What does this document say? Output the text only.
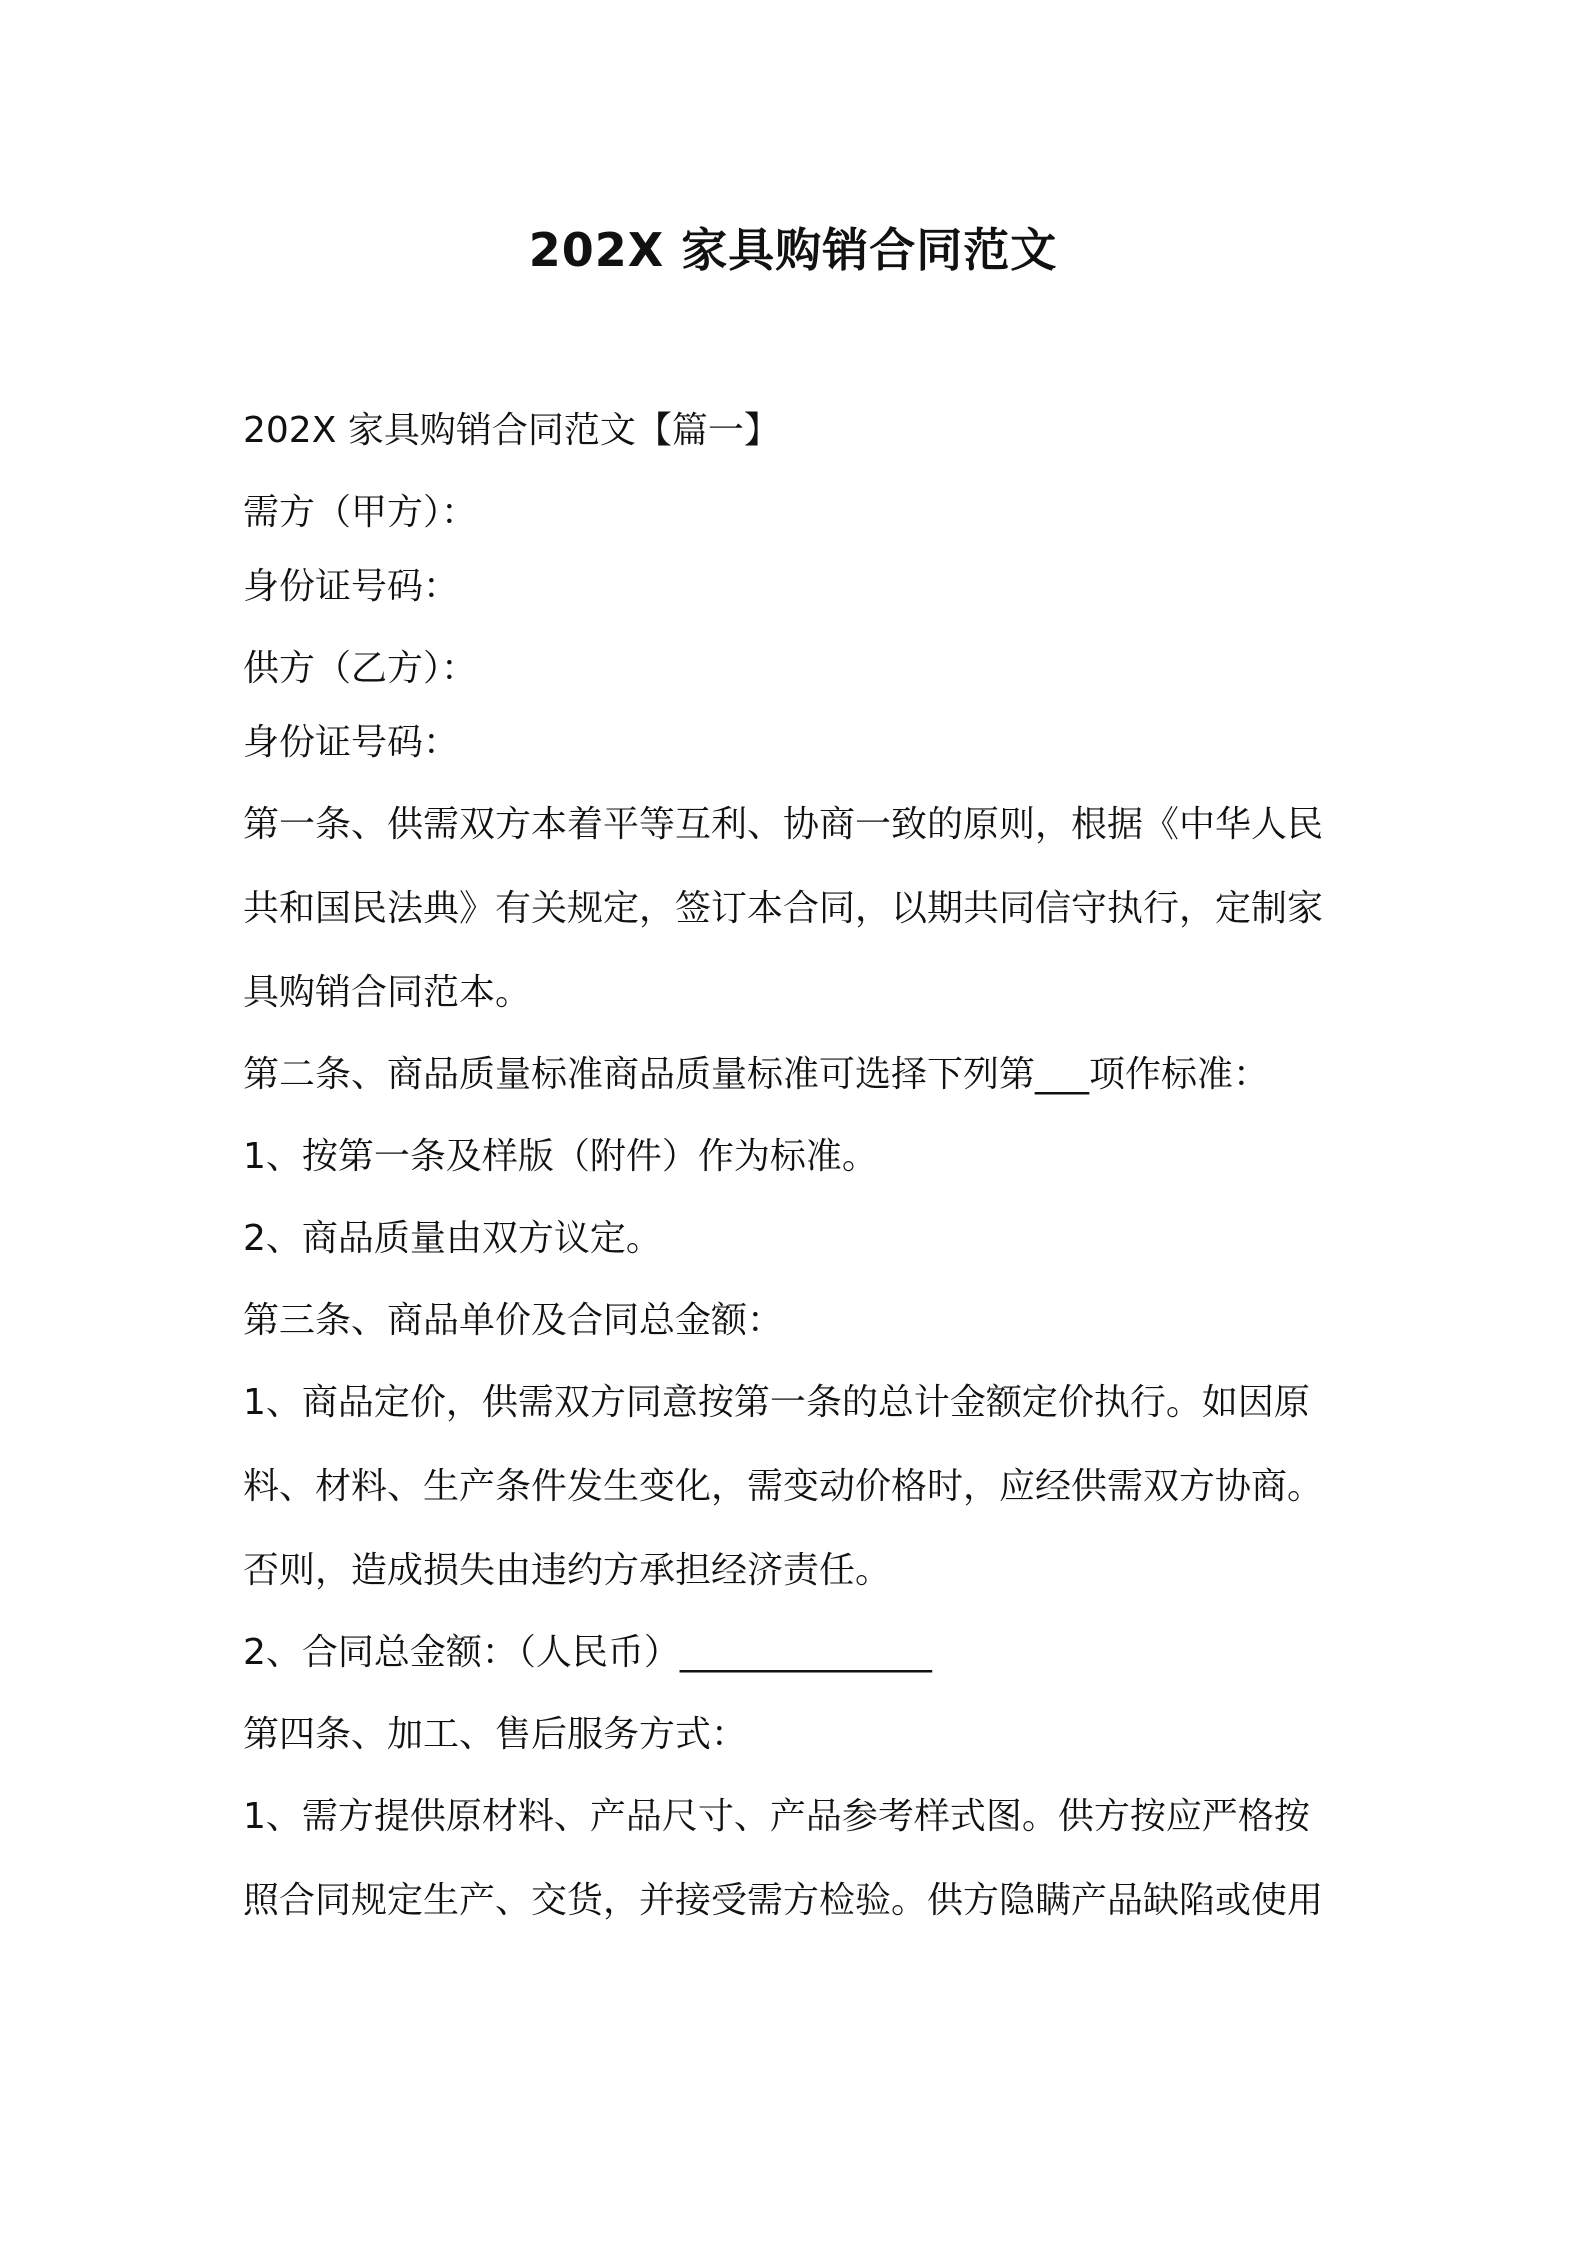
202X 家具购销合同范文
202X 家具购销合同范文【篇一】
需方（甲方）：
身份证号码：
供方（乙方）：
身份证号码：
第一条、供需双方本着平等互利、协商一致的原则，根据《中华人民
共和国民法典》有关规定，签订本合同，以期共同信守执行，定制家
具购销合同范本。
第二条、商品质量标准商品质量标准可选择下列第___项作标准：
1、按第一条及样版（附件）作为标准。
2、商品质量由双方议定。
第三条、商品单价及合同总金额：
1、商品定价，供需双方同意按第一条的总计金额定价执行。如因原
料、材料、生产条件发生变化，需变动价格时，应经供需双方协商。
否则，造成损失由违约方承担经济责任。
2、合同总金额：（人民币）______________
第四条、加工、售后服务方式：
1、需方提供原材料、产品尺寸、产品参考样式图。供方按应严格按
照合同规定生产、交货，并接受需方检验。供方隐瞒产品缺陷或使用
